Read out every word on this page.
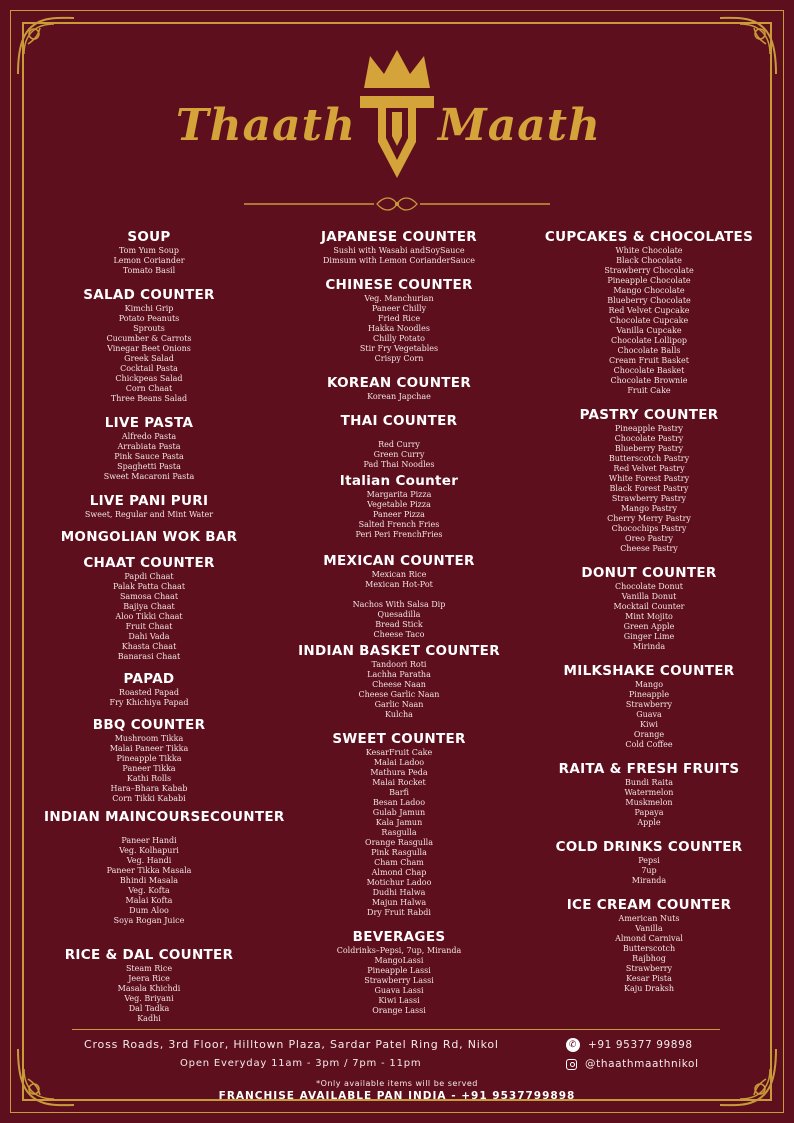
Thaath Maath
SOUP
Tom Yum Soup
Lemon Coriander
Tomato Basil
SALAD COUNTER
Kimchi Grip
Potato Peanuts
Sprouts
Cucumber & Carrots
Vinegar Beet Onions
Greek Salad
Cocktail Pasta
Chickpeas Salad
Corn Chaat
Three Beans Salad
LIVE PASTA
Alfredo Pasta
Arrabiata Pasta
Pink Sauce Pasta
Spaghetti Pasta
Sweet Macaroni Pasta
LIVE PANI PURI
Sweet, Regular and Mint Water
MONGOLIAN WOK BAR
CHAAT COUNTER
Papdi Chaat
Palak Patta Chaat
Samosa Chaat
Bajiya Chaat
Aloo Tikki Chaat
Fruit Chaat
Dahi Vada
Khasta Chaat
Banarasi Chaat
PAPAD
Roasted Papad
Fry Khichiya Papad
BBQ COUNTER
Mushroom Tikka
Malai Paneer Tikka
Pineapple Tikka
Paneer Tikka
Kathi Rolls
Hara–Bhara Kabab
Corn Tikki Kababi
INDIAN MAINCOURSECOUNTER

Paneer Handi
Veg. Kolhapuri
Veg. Handi
Paneer Tikka Masala
Bhindi Masala
Veg. Kofta
Malai Kofta
Dum Aloo
Soya Rogan Juice
RICE & DAL COUNTER
Steam Rice
Jeera Rice
Masala Khichdi
Veg. Briyani
Dal Tadka
Kadhi
JAPANESE COUNTER
Sushi with Wasabi andSoySauce
Dimsum with Lemon CorianderSauce
CHINESE COUNTER
Veg. Manchurian
Paneer Chilly
Fried Rice
Hakka Noodles
Chilly Potato
Stir Fry Vegetables
Crispy Corn
KOREAN COUNTER
Korean Japchae
THAI COUNTER

Red Curry
Green Curry
Pad Thai Noodles
Italian Counter
Margarita Pizza
Vegetable Pizza
Paneer Pizza
Salted French Fries
Peri Peri FrenchFries
MEXICAN COUNTER
Mexican Rice
Mexican Hot-Pot

Nachos With Salsa Dip
Quesadilla
Bread Stick
Cheese Taco
INDIAN BASKET COUNTER
Tandoori Roti
Lachha Paratha
Cheese Naan
Cheese Garlic Naan
Garlic Naan
Kulcha
SWEET COUNTER
KesarFruit Cake
Malai Ladoo
Mathura Peda
Malai Rocket
Barfi
Besan Ladoo
Gulab Jamun
Kala Jamun
Rasgulla
Orange Rasgulla
Pink Rasgulla
Cham Cham
Almond Chap
Motichur Ladoo
Dudhi Halwa
Majun Halwa
Dry Fruit Rabdi
BEVERAGES
Coldrinks–Pepsi, 7up, Miranda
MangoLassi
Pineapple Lassi
Strawberry Lassi
Guava Lassi
Kiwi Lassi
Orange Lassi
CUPCAKES & CHOCOLATES
White Chocolate
Black Chocolate
Strawberry Chocolate
Pineapple Chocolate
Mango Chocolate
Blueberry Chocolate
Red Velvet Cupcake
Chocolate Cupcake
Vanilla Cupcake
Chocolate Lollipop
Chocolate Balls
Cream Fruit Basket
Chocolate Basket
Chocolate Brownie
Fruit Cake
PASTRY COUNTER
Pineapple Pastry
Chocolate Pastry
Blueberry Pastry
Butterscotch Pastry
Red Velvet Pastry
White Forest Pastry
Black Forest Pastry
Strawberry Pastry
Mango Pastry
Cherry Merry Pastry
Chocochips Pastry
Oreo Pastry
Cheese Pastry
DONUT COUNTER
Chocolate Donut
Vanilla Donut
Mocktail Counter
Mint Mojito
Green Apple
Ginger Lime
Mirinda
MILKSHAKE COUNTER
Mango
Pineapple
Strawberry
Guava
Kiwi
Orange
Cold Coffee
RAITA & FRESH FRUITS
Bundi Raita
Watermelon
Muskmelon
Papaya
Apple
COLD DRINKS COUNTER
Pepsi
7up
Miranda
ICE CREAM COUNTER
American Nuts
Vanilla
Almond Carnival
Butterscotch
Rajbhog
Strawberry
Kesar Pista
Kaju Draksh
Cross Roads, 3rd Floor, Hilltown Plaza, Sardar Patel Ring Rd, Nikol
Open Everyday 11am - 3pm / 7pm - 11pm
✆ +91 95377 99898
@thaathmaathnikol
*Only available items will be served
FRANCHISE AVAILABLE PAN INDIA - +91 9537799898
